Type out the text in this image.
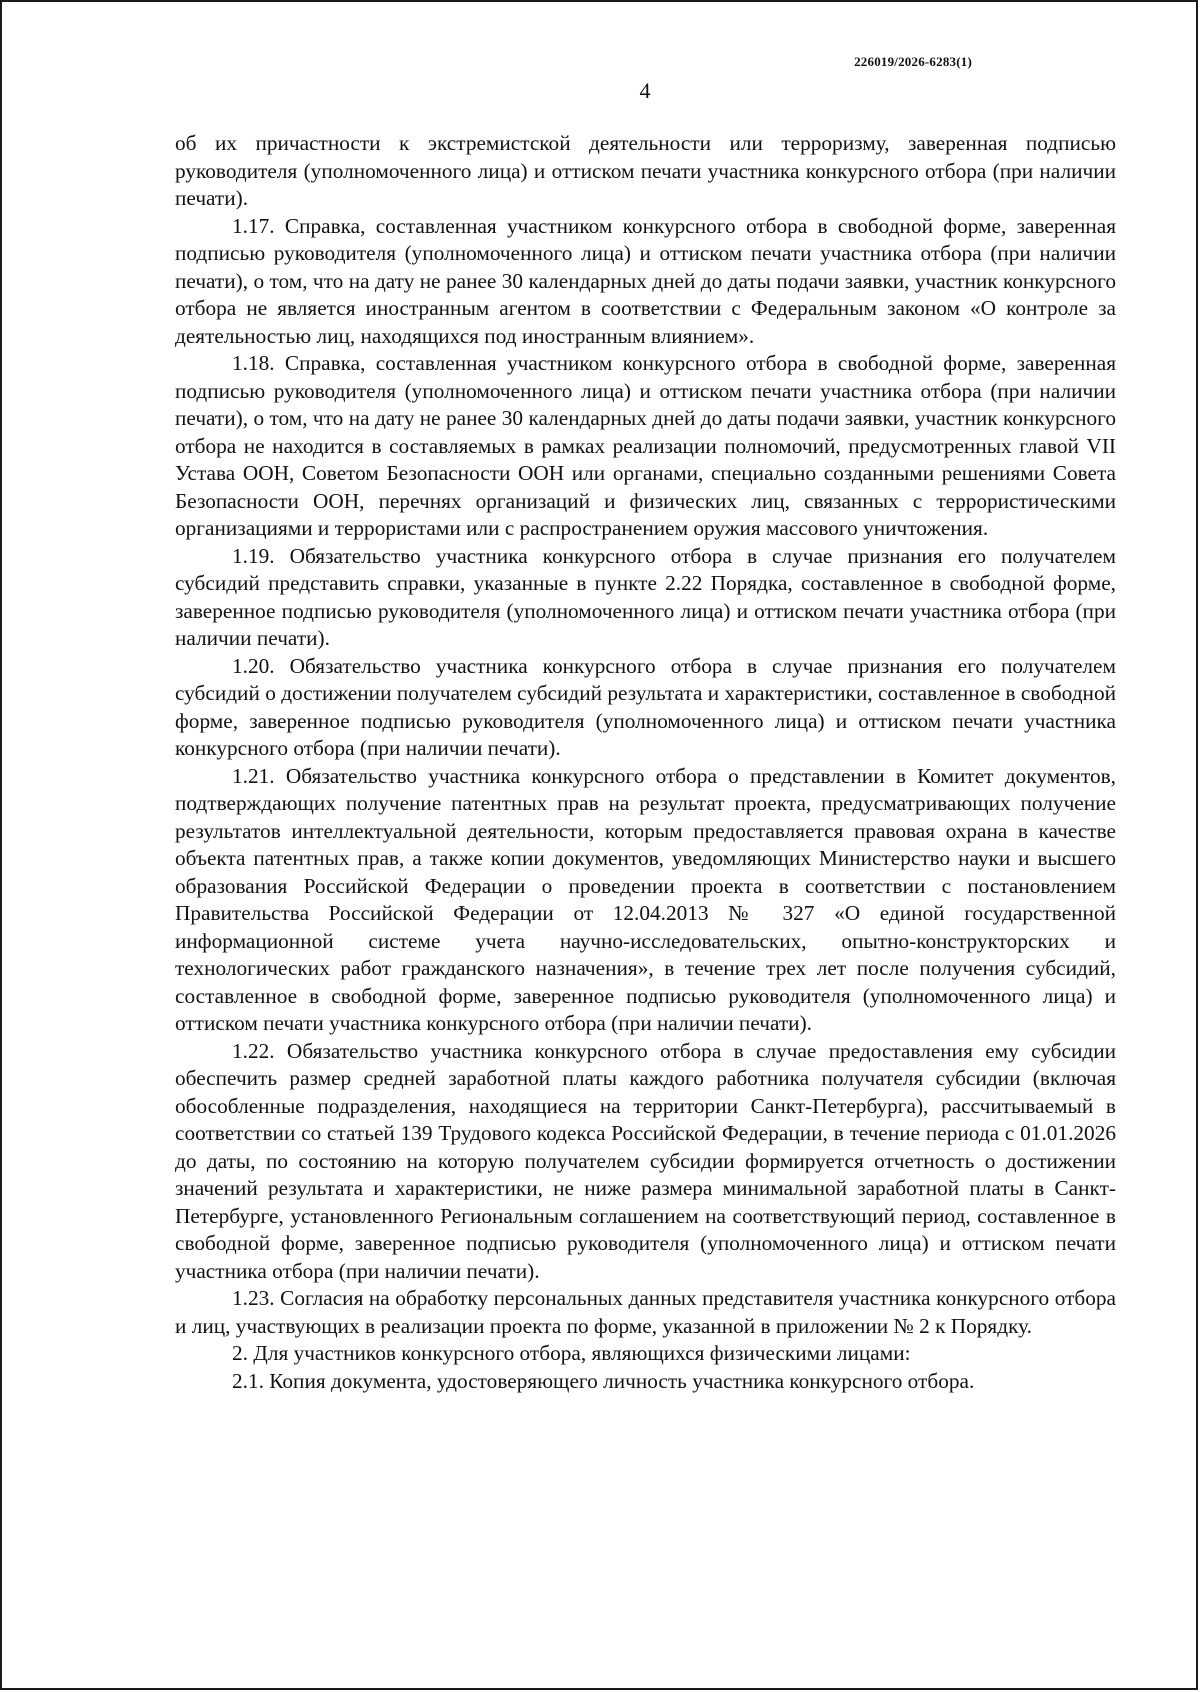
226019/2026-6283(1)
4

об их причастности к экстремистской деятельности или терроризму, заверенная подписью руководителя (уполномоченного лица) и оттиском печати участника конкурсного отбора (при наличии печати).

1.17. Справка, составленная участником конкурсного отбора в свободной форме, заверенная подписью руководителя (уполномоченного лица) и оттиском печати участника отбора (при наличии печати), о том, что на дату не ранее 30 календарных дней до даты подачи заявки, участник конкурсного отбора не является иностранным агентом в соответствии с Федеральным законом «О контроле за деятельностью лиц, находящихся под иностранным влиянием».

1.18. Справка, составленная участником конкурсного отбора в свободной форме, заверенная подписью руководителя (уполномоченного лица) и оттиском печати участника отбора (при наличии печати), о том, что на дату не ранее 30 календарных дней до даты подачи заявки, участник конкурсного отбора не находится в составляемых в рамках реализации полномочий, предусмотренных главой VII Устава ООН, Советом Безопасности ООН или органами, специально созданными решениями Совета Безопасности ООН, перечнях организаций и физических лиц, связанных с террористическими организациями и террористами или с распространением оружия массового уничтожения.

1.19. Обязательство участника конкурсного отбора в случае признания его получателем субсидий представить справки, указанные в пункте 2.22 Порядка, составленное в свободной форме, заверенное подписью руководителя (уполномоченного лица) и оттиском печати участника отбора (при наличии печати).

1.20. Обязательство участника конкурсного отбора в случае признания его получателем субсидий о достижении получателем субсидий результата и характеристики, составленное в свободной форме, заверенное подписью руководителя (уполномоченного лица) и оттиском печати участника конкурсного отбора (при наличии печати).

1.21. Обязательство участника конкурсного отбора о представлении в Комитет документов, подтверждающих получение патентных прав на результат проекта, предусматривающих получение результатов интеллектуальной деятельности, которым предоставляется правовая охрана в качестве объекта патентных прав, а также копии документов, уведомляющих Министерство науки и высшего образования Российской Федерации о проведении проекта в соответствии с постановлением Правительства Российской Федерации от 12.04.2013 № 327 «О единой государственной информационной системе учета научно-исследовательских, опытно-конструкторских и технологических работ гражданского назначения», в течение трех лет после получения субсидий, составленное в свободной форме, заверенное подписью руководителя (уполномоченного лица) и оттиском печати участника конкурсного отбора (при наличии печати).

1.22. Обязательство участника конкурсного отбора в случае предоставления ему субсидии обеспечить размер средней заработной платы каждого работника получателя субсидии (включая обособленные подразделения, находящиеся на территории Санкт-Петербурга), рассчитываемый в соответствии со статьей 139 Трудового кодекса Российской Федерации, в течение периода с 01.01.2026 до даты, по состоянию на которую получателем субсидии формируется отчетность о достижении значений результата и характеристики, не ниже размера минимальной заработной платы в Санкт-Петербурге, установленного Региональным соглашением на соответствующий период, составленное в свободной форме, заверенное подписью руководителя (уполномоченного лица) и оттиском печати участника отбора (при наличии печати).

1.23. Согласия на обработку персональных данных представителя участника конкурсного отбора и лиц, участвующих в реализации проекта по форме, указанной в приложении № 2 к Порядку.

2. Для участников конкурсного отбора, являющихся физическими лицами:

2.1. Копия документа, удостоверяющего личность участника конкурсного отбора.
